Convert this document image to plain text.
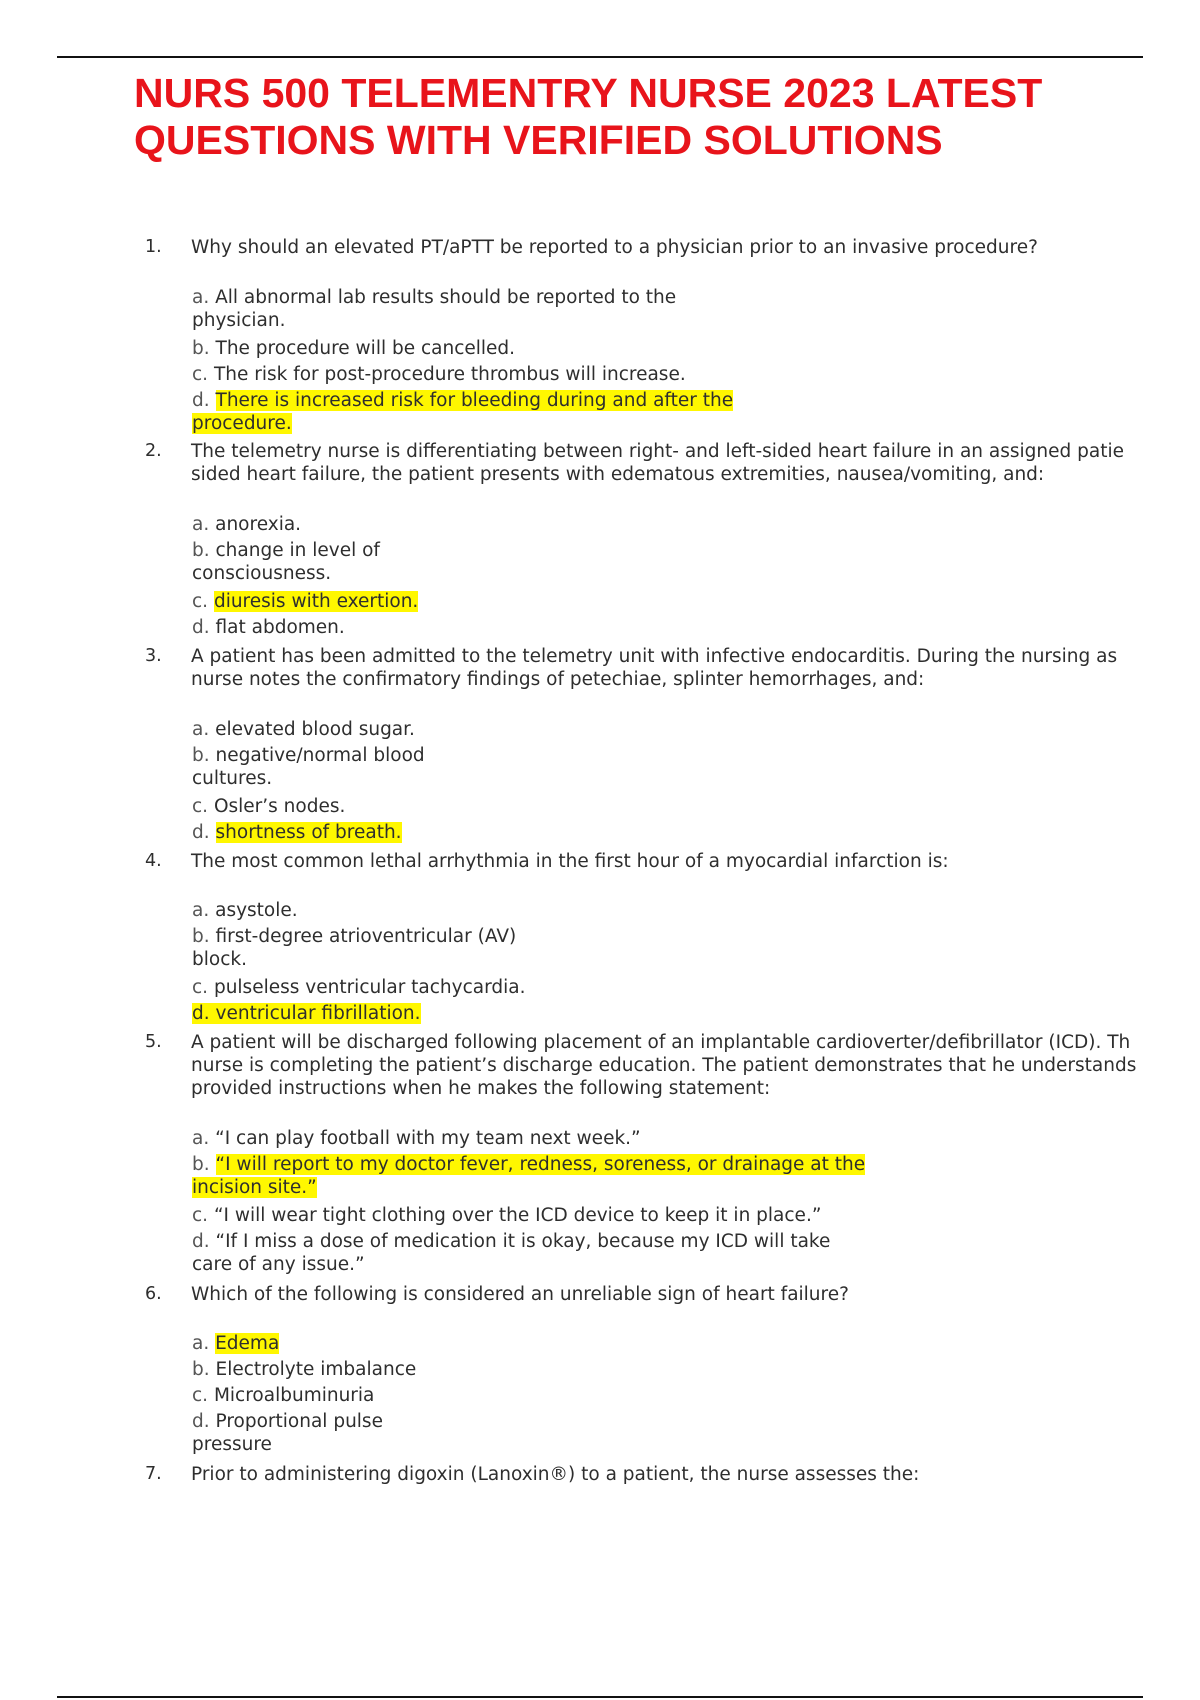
NURS 500 TELEMENTRY NURSE 2023 LATEST
QUESTIONS WITH VERIFIED SOLUTIONS
1. Why should an elevated PT/aPTT be reported to a physician prior to an invasive procedure?
a. All abnormal lab results should be reported to the
physician.
b. The procedure will be cancelled.
c. The risk for post-procedure thrombus will increase.
d. There is increased risk for bleeding during and after the
procedure.
2. The telemetry nurse is differentiating between right- and left-sided heart failure in an assigned patie
sided heart failure, the patient presents with edematous extremities, nausea/vomiting, and:
a. anorexia.
b. change in level of
consciousness.
c. diuresis with exertion.
d. flat abdomen.
3. A patient has been admitted to the telemetry unit with infective endocarditis. During the nursing as
nurse notes the confirmatory findings of petechiae, splinter hemorrhages, and:
a. elevated blood sugar.
b. negative/normal blood
cultures.
c. Osler’s nodes.
d. shortness of breath.
4. The most common lethal arrhythmia in the first hour of a myocardial infarction is:
a. asystole.
b. first-degree atrioventricular (AV)
block.
c. pulseless ventricular tachycardia.
d. ventricular fibrillation.
5. A patient will be discharged following placement of an implantable cardioverter/defibrillator (ICD). Th
nurse is completing the patient’s discharge education. The patient demonstrates that he understands
provided instructions when he makes the following statement:
a. “I can play football with my team next week.”
b. “I will report to my doctor fever, redness, soreness, or drainage at the
incision site.”
c. “I will wear tight clothing over the ICD device to keep it in place.”
d. “If I miss a dose of medication it is okay, because my ICD will take
care of any issue.”
6. Which of the following is considered an unreliable sign of heart failure?
a. Edema
b. Electrolyte imbalance
c. Microalbuminuria
d. Proportional pulse
pressure
7. Prior to administering digoxin (Lanoxin®) to a patient, the nurse assesses the:
